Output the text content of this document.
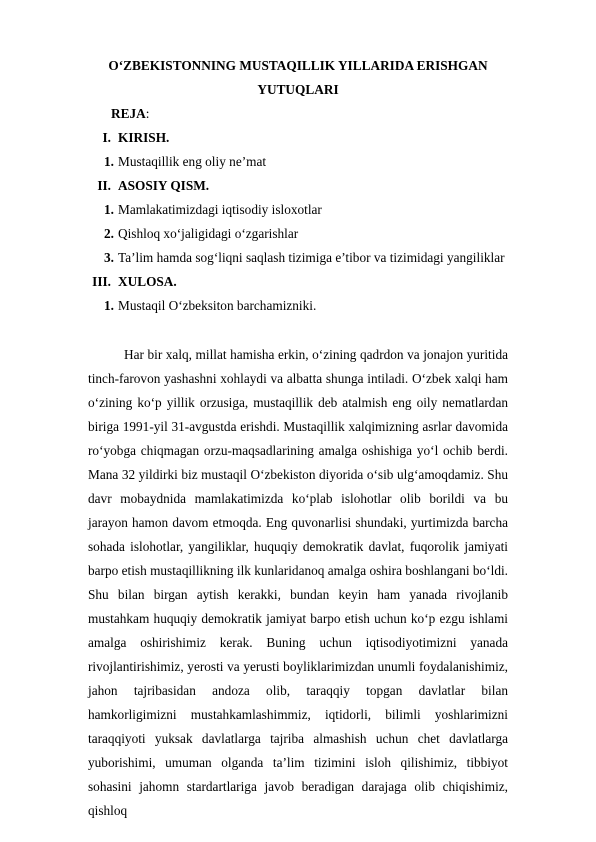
O‘ZBEKISTONNING MUSTAQILLIK YILLARIDA ERISHGAN
YUTUQLARI
REJA:
I. KIRISH.
1. Mustaqillik eng oliy ne’mat
II. ASOSIY QISM.
1. Mamlakatimizdagi iqtisodiy isloxotlar
2. Qishloq xo‘jaligidagi o‘zgarishlar
3. Ta’lim hamda sog‘liqni saqlash tizimiga e’tibor va tizimidagi yangiliklar
III. XULOSA.
1. Mustaqil O‘zbeksiton barchamizniki.

Har bir xalq, millat hamisha erkin, o‘zining qadrdon va jonajon yuritida tinch-farovon yashashni xohlaydi va albatta shunga intiladi. O‘zbek xalqi ham o‘zining ko‘p yillik orzusiga, mustaqillik deb atalmish eng oily nematlardan biriga 1991-yil 31-avgustda erishdi. Mustaqillik xalqimizning asrlar davomida ro‘yobga chiqmagan orzu-maqsadlarining amalga oshishiga yo‘l ochib berdi. Mana 32 yildirki biz mustaqil O‘zbekiston diyorida o‘sib ulg‘amoqdamiz. Shu davr mobaydnida mamlakatimizda ko‘plab islohotlar olib borildi va bu jarayon hamon davom etmoqda. Eng quvonarlisi shundaki, yurtimizda barcha sohada islohotlar, yangiliklar, huquqiy demokratik davlat, fuqorolik jamiyati barpo etish mustaqillikning ilk kunlaridanoq amalga oshira boshlangani bo‘ldi. Shu bilan birgan aytish kerakki, bundan keyin ham yanada rivojlanib mustahkam huquqiy demokratik jamiyat barpo etish uchun ko‘p ezgu ishlami amalga oshirishimiz kerak. Buning uchun iqtisodiyotimizni yanada rivojlantirishimiz, yerosti va yerusti boyliklarimizdan unumli foydalanishimiz, jahon tajribasidan andoza olib, taraqqiy topgan davlatlar bilan hamkorligimizni mustahkamlashimmiz, iqtidorli, bilimli yoshlarimizni taraqqiyoti yuksak davlatlarga tajriba almashish uchun chet davlatlarga yuborishimi, umuman olganda ta’lim tizimini isloh qilishimiz, tibbiyot sohasini jahomn stardartlariga javob beradigan darajaga olib chiqishimiz, qishloq
